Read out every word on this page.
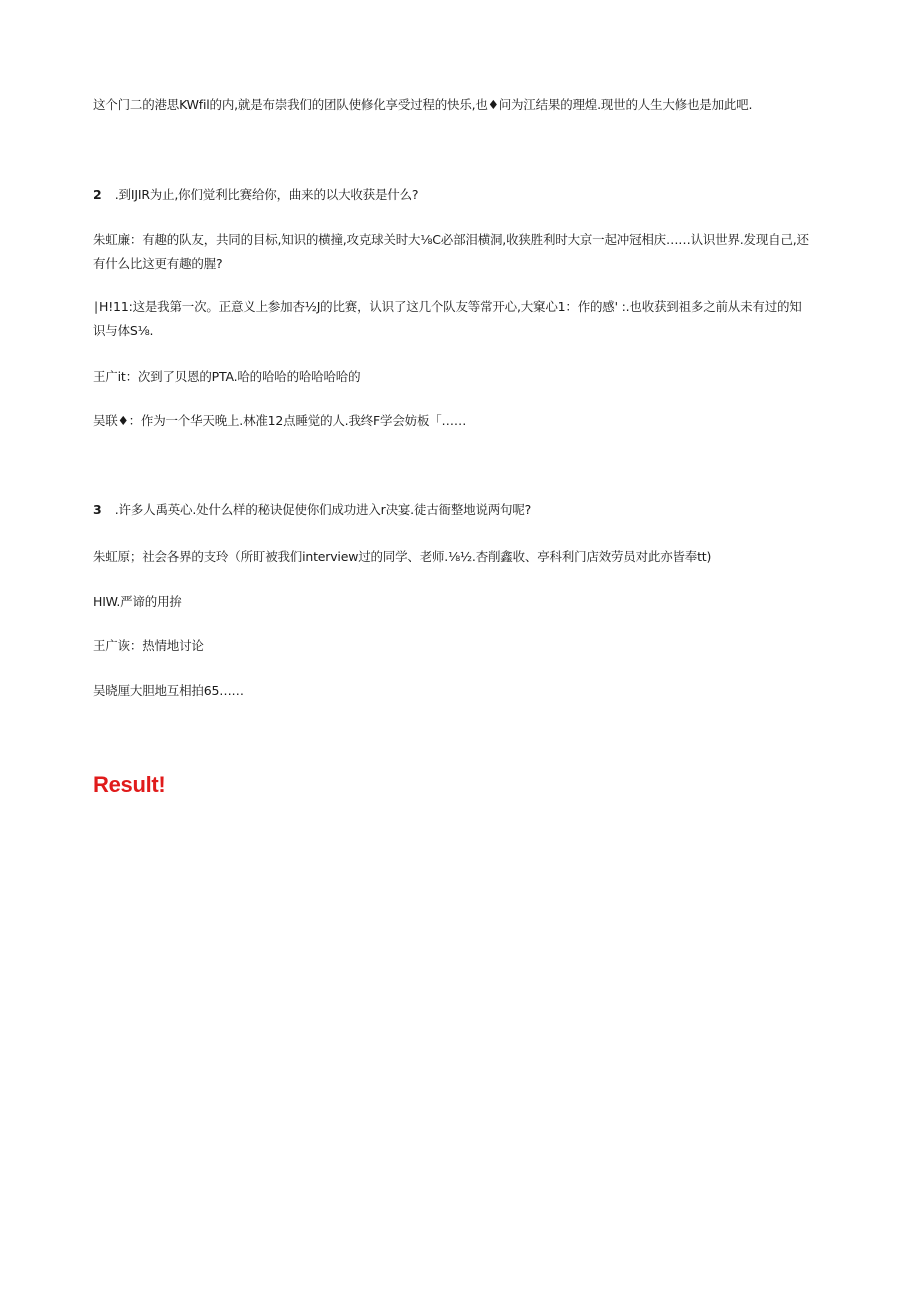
这个门二的港思KWfil的内,就是布崇我们的团队使修化享受过程的快乐,也♦问为江结果的理煌.现世的人生大修也是加此吧.
2 .到IJIR为止,你们觉利比赛给你，曲来的以大收获是什么?
朱虹廉：有趣的队友，共同的目标,知识的横撞,攻克球关时大⅛C必部泪横洞,收狭胜利时大京一起冲冠相庆……认识世界.发现自己,还有什么比这更有趣的腥?
∣H!11:这是我第一次。正意义上参加杏½J的比赛，认识了这几个队友等常开心,大窠心1：作的感' :.也收获到祖多之前从未有过的知识与体S⅛.
王广it：次到了贝恩的PTA.哈的哈哈的哈哈哈哈的
吴联♦：作为一个华天晚上.林准12点睡觉的人.我终F学会妨板「……
3 .许多人禹英心.处什么样的秘诀促使你们成功进入r决宴.徒古衙整地说两句呢?
朱虹原；社会各界的支玲（所盯被我们interview过的同学、老师.⅛½.杏削鑫收、亭科利门店效劳员对此亦皆奉tt)
HIW.严谛的用拚
王广诙：热情地讨论
吴晓厘大胆地互相拍65……
Result!
